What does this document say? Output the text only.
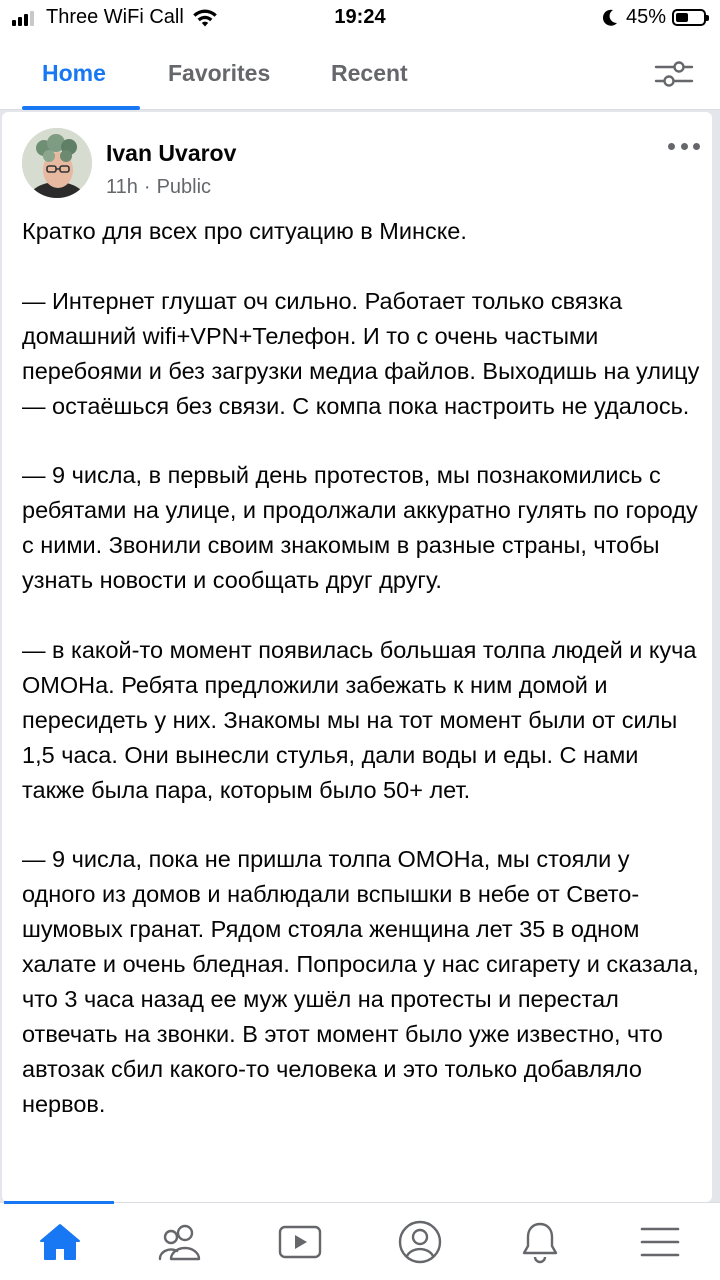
Three WiFi Call	19:24	45%
Home	Favorites	Recent
Ivan Uvarov
11h · Public
Кратко для всех про ситуацию в Минске.

— Интернет глушат оч сильно. Работает только связка домашний wifi+VPN+Телефон. И то с очень частыми перебоями и без загрузки медиа файлов. Выходишь на улицу — остаёшься без связи. С компа пока настроить не удалось.

— 9 числа, в первый день протестов, мы познакомились с ребятами на улице, и продолжали аккуратно гулять по городу с ними. Звонили своим знакомым в разные страны, чтобы узнать новости и сообщать друг другу.

— в какой-то момент появилась большая толпа людей и куча ОМОНа. Ребята предложили забежать к ним домой и пересидеть у них. Знакомы мы на тот момент были от силы 1,5 часа. Они вынесли стулья, дали воды и еды. С нами также была пара, которым было 50+ лет.

— 9 числа, пока не пришла толпа ОМОНа, мы стояли у одного из домов и наблюдали вспышки в небе от Свето-шумовых гранат. Рядом стояла женщина лет 35 в одном халате и очень бледная. Попросила у нас сигарету и сказала, что 3 часа назад ее муж ушёл на протесты и перестал отвечать на звонки. В этот момент было уже известно, что автозак сбил какого-то человека и это только добавляло нервов.
